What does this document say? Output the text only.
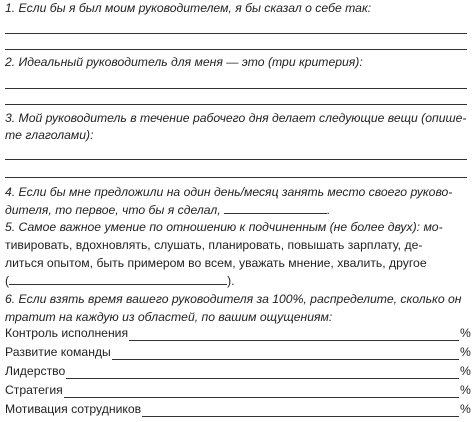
1. Если бы я был моим руководителем, я бы сказал о себе так:
2. Идеальный руководитель для меня — это (три критерия):
3. Мой руководитель в течение рабочего дня делает следующие вещи (опише-
те глаголами):
4. Если бы мне предложили на один день/месяц занять место своего руково-
дителя, то первое, что бы я сделал,	.
5. Самое важное умение по отношению к подчиненным (не более двух): мо-
тивировать, вдохновлять, слушать, планировать, повышать зарплату, де-
литься опытом, быть примером во всем, уважать мнение, хвалить, другое
(	).
6. Если взять время вашего руководителя за 100%, распределите, сколько он
тратит на каждую из областей, по вашим ощущениям:
Контроль исполнения	%
Развитие команды	%
Лидерство	%
Стратегия	%
Мотивация сотрудников	%
